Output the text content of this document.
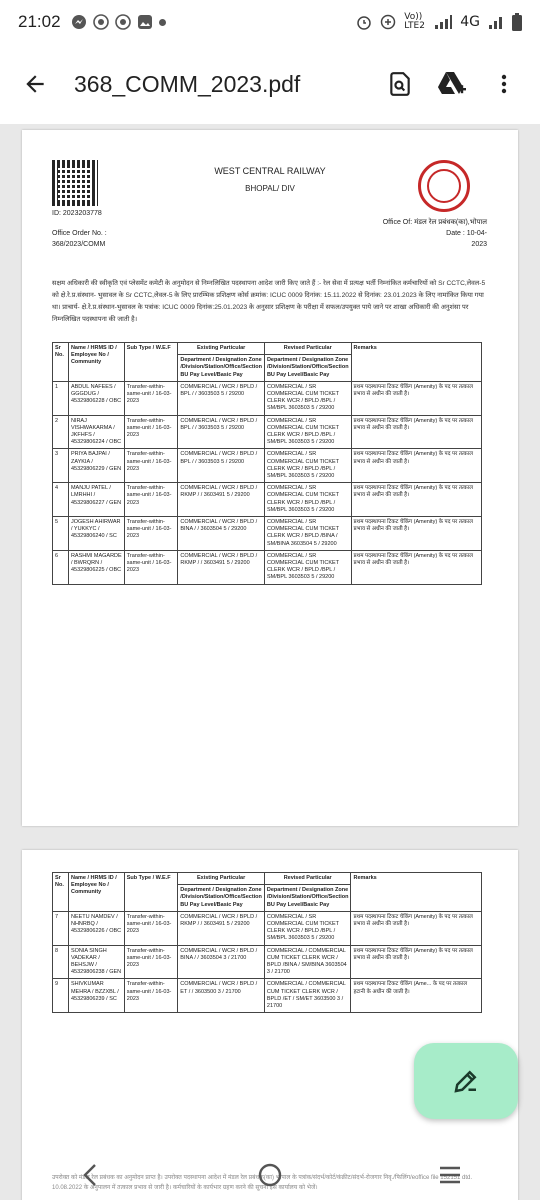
21:02	Vo)) LTE2	4G
368_COMM_2023.pdf
WEST CENTRAL RAILWAY
BHOPAL/ DIV
ID: 2023203778
Office Of: मंडल रेल प्रबंधक(का),भोपाल
Office Order No. :
368/2023/COMM
Date : 10-04-
2023
सक्षम अधिकारी की स्वीकृति एवं प्लेसमेंट कमेटी के अनुमोदन से निम्नलिखित पदस्थापना आदेश जारी किए जाते हैं :- रेल सेवा में प्रत्यक्ष भर्ती निम्नांकित कर्मचारियों को Sr CCTC,लेवल-5 को क्षे.रे.प्र.संस्थान- भुसावल के Sr CCTC,लेवल-5 के लिए प्रारम्भिक प्रशिक्षण कोर्स क्रमांक: ICUC 0009 दिनांक: 15.11.2022 से दिनांक: 23.01.2023 के लिए नामांकित किया गया था। प्राचार्य- क्षे.रे.प्र.संस्थान-भुसावल के पत्रांक: ICUC 0009 दिनांक:25.01.2023 के अनुसार प्रशिक्षण के परीक्षा में सफल/उपयुक्त पाये जाने पर शाखा अधिकारी की अनुशंसा पर निम्नलिखित पदस्थापना की जाती है।
Sr No.	Name / HRMS ID / Employee No / Community	Sub Type / W.E.F	Existing Particular	Revised Particular	Remarks
			Department / Designation Zone /Division/Station/Office/Section BU Pay Level/Basic Pay	Department / Designation Zone /Division/Station/Office/Section BU Pay Level/Basic Pay	
1	ABDUL NAFEES / GGGDUG / 45329806228 / OBC	Transfer-within-same-unit / 16-03-2023	COMMERCIAL / WCR / BPLD / BPL / / 3603503 5 / 29200	COMMERCIAL / SR COMMERCIAL CUM TICKET CLERK WCR / BPLD /BPL / SM/BPL 3603503 5 / 29200	प्रथम पदस्थापना टिकट चेकिंग (Amenity) के पद पर तत्काल प्रभाव से अधीन की जाती है।
2	NIRAJ VISHWAKARMA / JKFHFS / 45329806224 / OBC	Transfer-within-same-unit / 16-03-2023	COMMERCIAL / WCR / BPLD / BPL / / 3603503 5 / 29200	COMMERCIAL / SR COMMERCIAL CUM TICKET CLERK WCR / BPLD /BPL / SM/BPL 3603503 5 / 29200	प्रथम पदस्थापना टिकट चेकिंग (Amenity) के पद पर तत्काल प्रभाव से अधीन की जाती है।
3	PRIYA BAJPAI / ZAYKIA / 45329806229 / GEN	Transfer-within-same-unit / 16-03-2023	COMMERCIAL / WCR / BPLD / BPL / / 3603503 5 / 29200	COMMERCIAL / SR COMMERCIAL CUM TICKET CLERK WCR / BPLD /BPL / SM/BPL 3603503 5 / 29200	प्रथम पदस्थापना टिकट चेकिंग (Amenity) के पद पर तत्काल प्रभाव से अधीन की जाती है।
4	MANJU PATEL / LMRHHI / 45329806227 / GEN	Transfer-within-same-unit / 16-03-2023	COMMERCIAL / WCR / BPLD / RKMP / / 3603491 5 / 29200	COMMERCIAL / SR COMMERCIAL CUM TICKET CLERK WCR / BPLD /BPL / SM/BPL 3603503 5 / 29200	प्रथम पदस्थापना टिकट चेकिंग (Amenity) के पद पर तत्काल प्रभाव से अधीन की जाती है।
5	JOGESH AHIRWAR / YUKKYC / 45329806240 / SC	Transfer-within-same-unit / 16-03-2023	COMMERCIAL / WCR / BPLD / BINA / / 3603504 5 / 29200	COMMERCIAL / SR COMMERCIAL CUM TICKET CLERK WCR / BPLD /BINA / SM/BINA 3603504 5 / 29200	प्रथम पदस्थापना टिकट चेकिंग (Amenity) के पद पर तत्काल प्रभाव से अधीन की जाती है।
6	RASHMI MAGARDE / BWRQRN / 45329806225 / OBC	Transfer-within-same-unit / 16-03-2023	COMMERCIAL / WCR / BPLD / RKMP / / 3603491 5 / 29200	COMMERCIAL / SR COMMERCIAL CUM TICKET CLERK WCR / BPLD /BPL / SM/BPL 3603503 5 / 29200	प्रथम पदस्थापना टिकट चेकिंग (Amenity) के पद पर तत्काल प्रभाव से अधीन की जाती है।
Sr No.	Name / HRMS ID / Employee No / Community	Sub Type / W.E.F	Existing Particular	Revised Particular	Remarks
			Department / Designation Zone /Division/Station/Office/Section BU Pay Level/Basic Pay	Department / Designation Zone /Division/Station/Office/Section BU Pay Level/Basic Pay	
7	NEETU NAMDEV / NHNRBQ / 45329806226 / OBC	Transfer-within-same-unit / 16-03-2023	COMMERCIAL / WCR / BPLD / RKMP / / 3603491 5 / 29200	COMMERCIAL / SR COMMERCIAL CUM TICKET CLERK WCR / BPLD /BPL / SM/BPL 3603503 5 / 29200	प्रथम पदस्थापना टिकट चेकिंग (Amenity) के पद पर तत्काल प्रभाव से अधीन की जाती है।
8	SONIA SINGH VADEKAR / BEHSJW / 45329806238 / GEN	Transfer-within-same-unit / 16-03-2023	COMMERCIAL / WCR / BPLD / BINA / / 3603504 3 / 21700	COMMERCIAL / COMMERCIAL CUM TICKET CLERK WCR / BPLD /BINA / SM/BINA 3603504 3 / 21700	प्रथम पदस्थापना टिकट चेकिंग (Amenity) के पद पर तत्काल प्रभाव से अधीन की जाती है।
9	SHIVKUMAR MEHRA / BZZXBL / 45329806239 / SC	Transfer-within-same-unit / 16-03-2023	COMMERCIAL / WCR / BPLD / ET / / 3603500 3 / 21700	COMMERCIAL / COMMERCIAL CUM TICKET CLERK WCR / BPLD /ET / SM/ET 3603500 3 / 21700	प्रथम पदस्थापना टिकट चेकिंग (Ame... के पद पर तत्काल हटानी के अधीन की जाती है।
उपरोक्त को मंडल रेल प्रबंधक का अनुमोदन प्राप्त है। उपरोक्त पदस्थापना आदेश में मंडल रेल प्रबंधक(का) भोपाल के पत्रांक/संदर्भ/कोर्ट/कंक्रीट/संदर्भ-रोजगार निवृ./फिलिंग/eoffice file 152151 dtd. 10.08.2022 के अनुपालन में तत्काल प्रभाव से जारी है। कर्मचारियों के कार्यभार ग्रहण करने की सूचना इस कार्यालय को भेजें।
